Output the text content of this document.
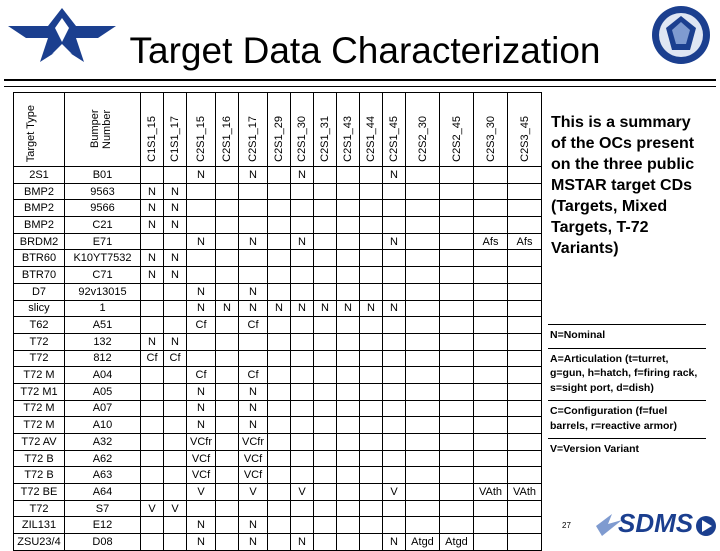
Target Data Characterization
Target Type	Bumper Number	C1S1_15	C1S1_17	C2S1_15	C2S1_16	C2S1_17	C2S1_29	C2S1_30	C2S1_31	C2S1_43	C2S1_44	C2S1_45	C2S2_30	C2S2_45	C2S3_30	C2S3_45
2S1	B01			N		N		N				N				
BMP2	9563	N	N													
BMP2	9566	N	N													
BMP2	C21	N	N													
BRDM2	E71			N		N		N				N			Afs	Afs
BTR60	K10YT7532	N	N													
BTR70	C71	N	N													
D7	92v13015			N		N										
slicy	1			N	N	N	N	N	N	N	N	N				
T62	A51			Cf		Cf										
T72	132	N	N													
T72	812	Cf	Cf													
T72 M	A04			Cf		Cf										
T72 M1	A05			N		N										
T72 M	A07			N		N										
T72 M	A10			N		N										
T72 AV	A32			VCfr		VCfr										
T72 B	A62			VCf		VCf										
T72 B	A63			VCf		VCf										
T72 BE	A64			V		V		V				V			VAth	VAth
T72	S7	V	V													
ZIL131	E12			N		N										
ZSU23/4	D08			N		N		N				N	Atgd	Atgd		
This is a summary of the OCs present on the three public MSTAR target CDs (Targets, Mixed Targets, T-72 Variants)
N=Nominal
A=Articulation (t=turret, g=gun, h=hatch, f=firing rack, s=sight port, d=dish)
C=Configuration (f=fuel barrels, r=reactive armor)
V=Version Variant
27 SDMS
